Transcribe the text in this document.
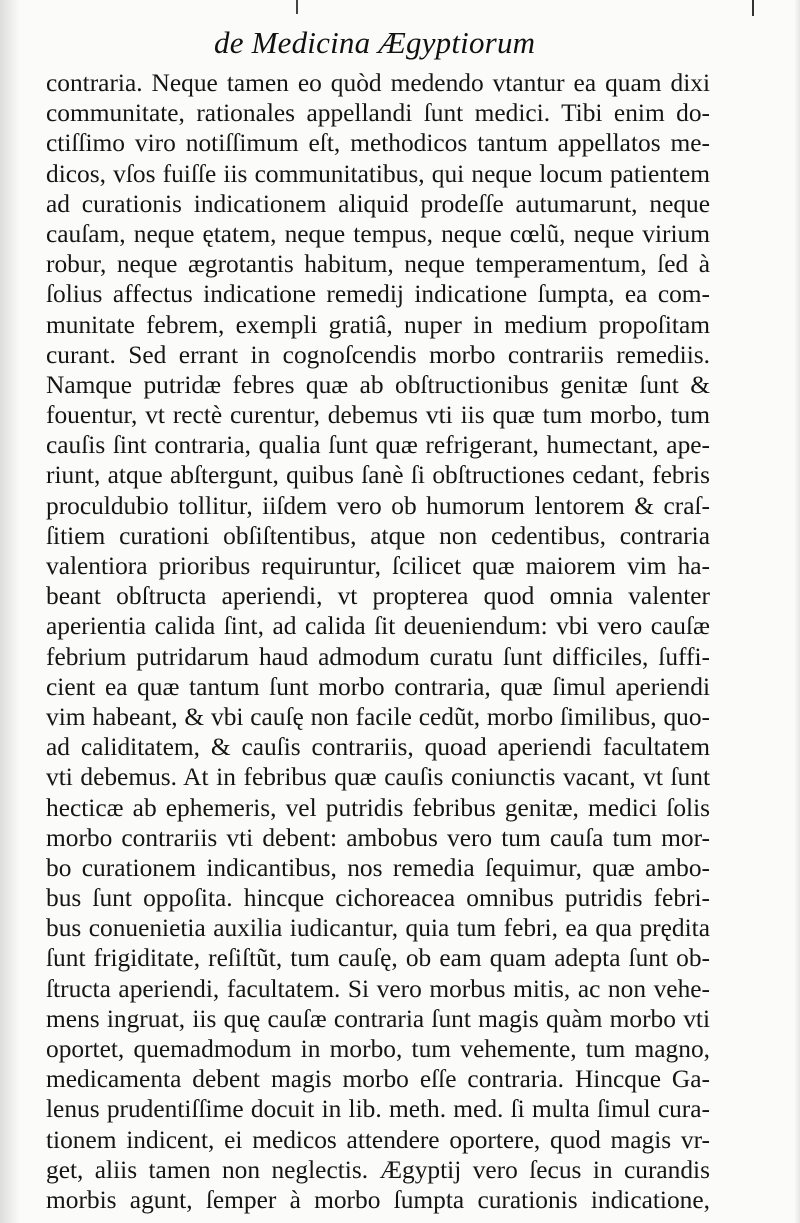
de Medicina Ægyptiorum
contraria. Neque tamen eo quòd medendo vtantur ea quam dixi
communitate, rationales appellandi ſunt medici. Tibi enim do-
ctiſſimo viro notiſſimum eſt, methodicos tantum appellatos me-
dicos, vſos fuiſſe iis communitatibus, qui neque locum patientem
ad curationis indicationem aliquid prodeſſe autumarunt, neque
cauſam, neque ętatem, neque tempus, neque cœlũ, neque virium
robur, neque ægrotantis habitum, neque temperamentum, ſed à
ſolius affectus indicatione remedij indicatione ſumpta, ea com-
munitate febrem, exempli gratiâ, nuper in medium propoſitam
curant. Sed errant in cognoſcendis morbo contrariis remediis.
Namque putridæ febres quæ ab obſtructionibus genitæ ſunt &
fouentur, vt rectè curentur, debemus vti iis quæ tum morbo, tum
cauſis ſint contraria, qualia ſunt quæ refrigerant, humectant, ape-
riunt, atque abſtergunt, quibus ſanè ſi obſtructiones cedant, febris
proculdubio tollitur, iiſdem vero ob humorum lentorem & craſ-
ſitiem curationi obſiſtentibus, atque non cedentibus, contraria
valentiora prioribus requiruntur, ſcilicet quæ maiorem vim ha-
beant obſtructa aperiendi, vt propterea quod omnia valenter
aperientia calida ſint, ad calida ſit deueniendum: vbi vero cauſæ
febrium putridarum haud admodum curatu ſunt difficiles, ſuffi-
cient ea quæ tantum ſunt morbo contraria, quæ ſimul aperiendi
vim habeant, & vbi cauſę non facile cedũt, morbo ſimilibus, quo-
ad caliditatem, & cauſis contrariis, quoad aperiendi facultatem
vti debemus. At in febribus quæ cauſis coniunctis vacant, vt ſunt
hecticæ ab ephemeris, vel putridis febribus genitæ, medici ſolis
morbo contrariis vti debent: ambobus vero tum cauſa tum mor-
bo curationem indicantibus, nos remedia ſequimur, quæ ambo-
bus ſunt oppoſita. hincque cichoreacea omnibus putridis febri-
bus conuenietia auxilia iudicantur, quia tum febri, ea qua prędita
ſunt frigiditate, reſiſtũt, tum cauſę, ob eam quam adepta ſunt ob-
ſtructa aperiendi, facultatem. Si vero morbus mitis, ac non vehe-
mens ingruat, iis quę cauſæ contraria ſunt magis quàm morbo vti
oportet, quemadmodum in morbo, tum vehemente, tum magno,
medicamenta debent magis morbo eſſe contraria. Hincque Ga-
lenus prudentiſſime docuit in lib. meth. med. ſi multa ſimul cura-
tionem indicent, ei medicos attendere oportere, quod magis vr-
get, aliis tamen non neglectis. Ægyptij vero ſecus in curandis
morbis agunt, ſemper à morbo ſumpta curationis indicatione,
